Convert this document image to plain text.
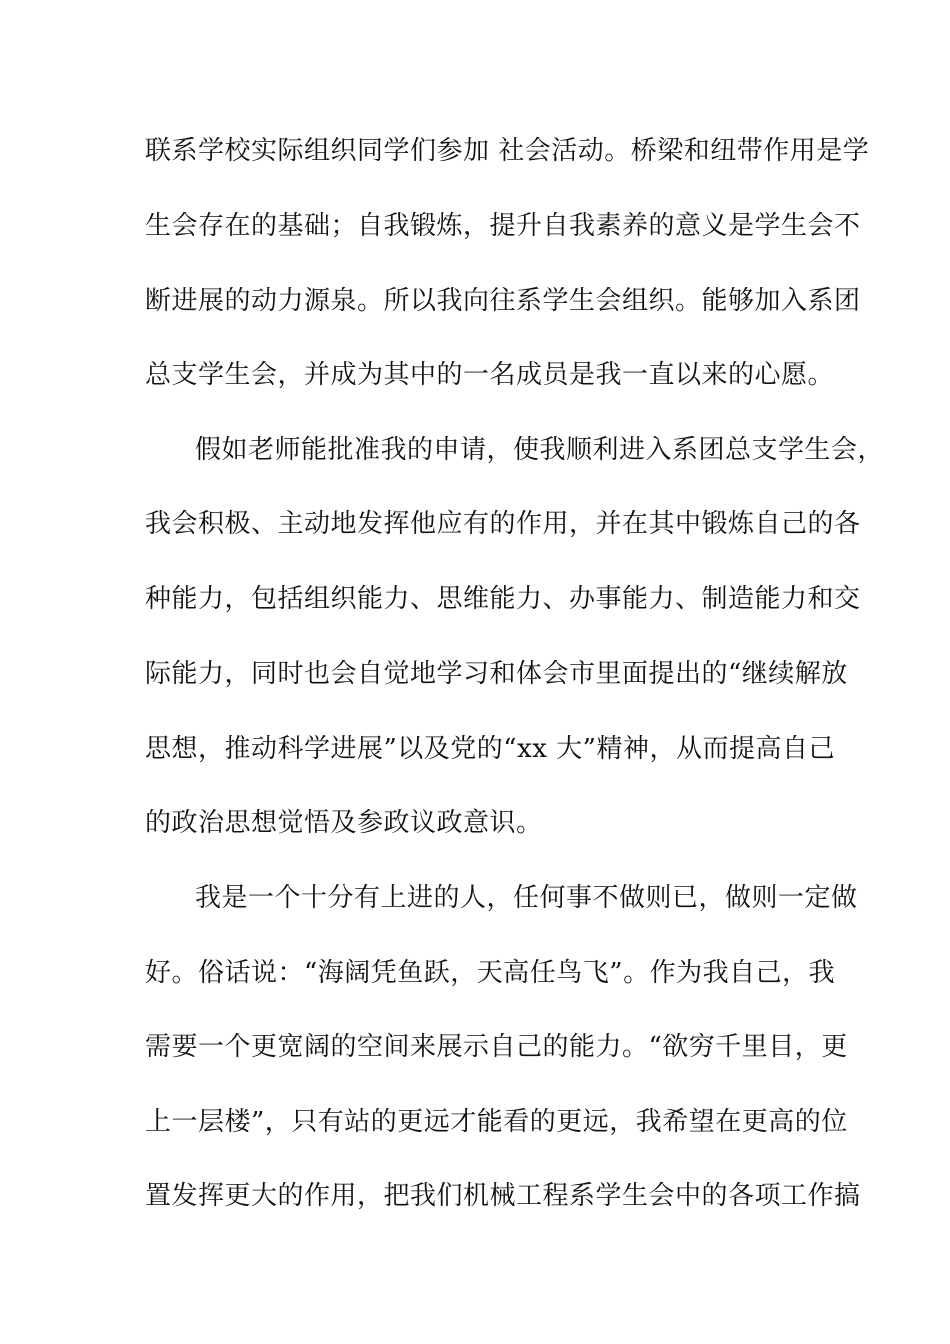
联系学校实际组织同学们参加 社会活动。桥梁和纽带作用是学
生会存在的基础；自我锻炼，提升自我素养的意义是学生会不
断进展的动力源泉。所以我向往系学生会组织。能够加入系团
总支学生会，并成为其中的一名成员是我一直以来的心愿。
假如老师能批准我的申请，使我顺利进入系团总支学生会，
我会积极、主动地发挥他应有的作用，并在其中锻炼自己的各
种能力，包括组织能力、思维能力、办事能力、制造能力和交
际能力，同时也会自觉地学习和体会市里面提出的“继续解放
思想，推动科学进展”以及党的“xx 大”精神，从而提高自己
的政治思想觉悟及参政议政意识。
我是一个十分有上进的人，任何事不做则已，做则一定做
好。俗话说：“海阔凭鱼跃，天高任鸟飞”。作为我自己，我
需要一个更宽阔的空间来展示自己的能力。“欲穷千里目，更
上一层楼”，只有站的更远才能看的更远，我希望在更高的位
置发挥更大的作用，把我们机械工程系学生会中的各项工作搞
